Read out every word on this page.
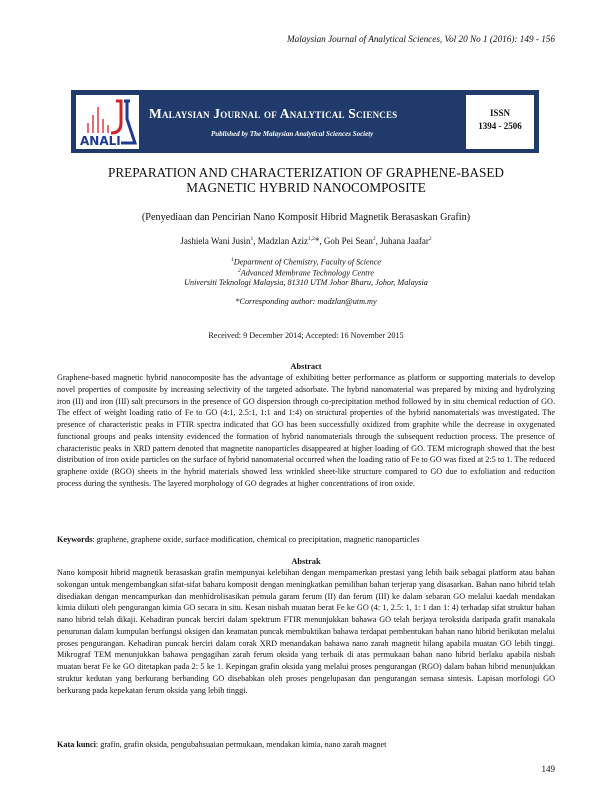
Malaysian Journal of Analytical Sciences, Vol 20 No 1 (2016): 149 - 156
ANALI
Malaysian Journal of Analytical Sciences
Published by The Malaysian Analytical Sciences Society
ISSN
1394 - 2506
PREPARATION AND CHARACTERIZATION OF GRAPHENE-BASED
MAGNETIC HYBRID NANOCOMPOSITE
(Penyediaan dan Pencirian Nano Komposit Hibrid Magnetik Berasaskan Grafin)
Jashiela Wani Jusin$^1$, Madzlan Aziz$^{1,2}$*, Goh Pei Sean$^2$, Juhana Jaafar$^2$
$^1$Department of Chemistry, Faculty of Science
$^2$Advanced Membrane Technology Centre
Universiti Teknologi Malaysia, 81310 UTM Johor Bharu, Johor, Malaysia
*Corresponding author: madzlan@utm.my
Received: 9 December 2014; Accepted: 16 November 2015
Abstract
Graphene-based magnetic hybrid nanocomposite has the advantage of exhibiting better performance as platform or supporting materials to develop novel properties of composite by increasing selectivity of the targeted adsorbate. The hybrid nanomaterial was prepared by mixing and hydrolyzing iron (II) and iron (III) salt precursors in the presence of GO dispersion through co-precipitation method followed by in situ chemical reduction of GO. The effect of weight loading ratio of Fe to GO (4:1, 2.5:1, 1:1 and 1:4) on structural properties of the hybrid nanomaterials was investigated. The presence of characteristic peaks in FTIR spectra indicated that GO has been successfully oxidized from graphite while the decrease in oxygenated functional groups and peaks intensity evidenced the formation of hybrid nanomaterials through the subsequent reduction process. The presence of characteristic peaks in XRD pattern denoted that magnetite nanoparticles disappeared at higher loading of GO. TEM micrograph showed that the best distribution of iron oxide particles on the surface of hybrid nanomaterial occurred when the loading ratio of Fe to GO was fixed at 2:5 to 1. The reduced graphene oxide (RGO) sheets in the hybrid materials showed less wrinkled sheet-like structure compared to GO due to exfoliation and reduction process during the synthesis. The layered morphology of GO degrades at higher concentrations of iron oxide.
Keywords: graphene, graphene oxide, surface modification, chemical co precipitation, magnetic nanoparticles
Abstrak
Nano komposit hibrid magnetik berasaskan grafin mempunyai kelebihan dengan mempamerkan prestasi yang lebih baik sebagai platform atau bahan sokongan untuk mengembangkan sifat-sifat baharu komposit dengan meningkatkan pemilihan bahan terjerap yang disasarkan. Bahan nano hibrid telah disediakan dengan mencampurkan dan menhidrolisasikan pemula garam ferum (II) dan ferum (III) ke dalam sebaran GO melalui kaedah mendakan kimia diikuti oleh pengurangan kimia GO secara in situ. Kesan nisbah muatan berat Fe ke GO (4: 1, 2.5: 1, 1: 1 dan 1: 4) terhadap sifat struktur bahan nano hibrid telah dikaji. Kehadiran puncak berciri dalam spektrum FTIR menunjukkan bahawa GO telah berjaya teroksida daripada grafit manakala penurunan dalam kumpulan berfungsi oksigen dan keamatan puncak membuktikan bahawa terdapat pembentukan bahan nano hibrid berikutan melalui proses pengurangan. Kehadiran puncak berciri dalam corak XRD menandakan bahawa nano zarah magnetit hilang apabila muatan GO lebih tinggi. Mikrograf TEM menunjukkan bahawa pengagihan zarah ferum oksida yang terbaik di atas permukaan bahan nano hibrid berlaku apabila nisbah muatan berat Fe ke GO ditetapkan pada 2: 5 ke 1. Kepingan grafin oksida yang melalui proses pengurangan (RGO) dalam bahan hibrid menunjukkan struktur kedutan yang berkurang berbanding GO disebabkan oleh proses pengelupasan dan pengurangan semasa sintesis. Lapisan morfologi GO berkurang pada kepekatan ferum oksida yang lebih tinggi.
Kata kunci: grafin, grafin oksida, pengubahsuaian permukaan, mendakan kimia, nano zarah magnet
149
